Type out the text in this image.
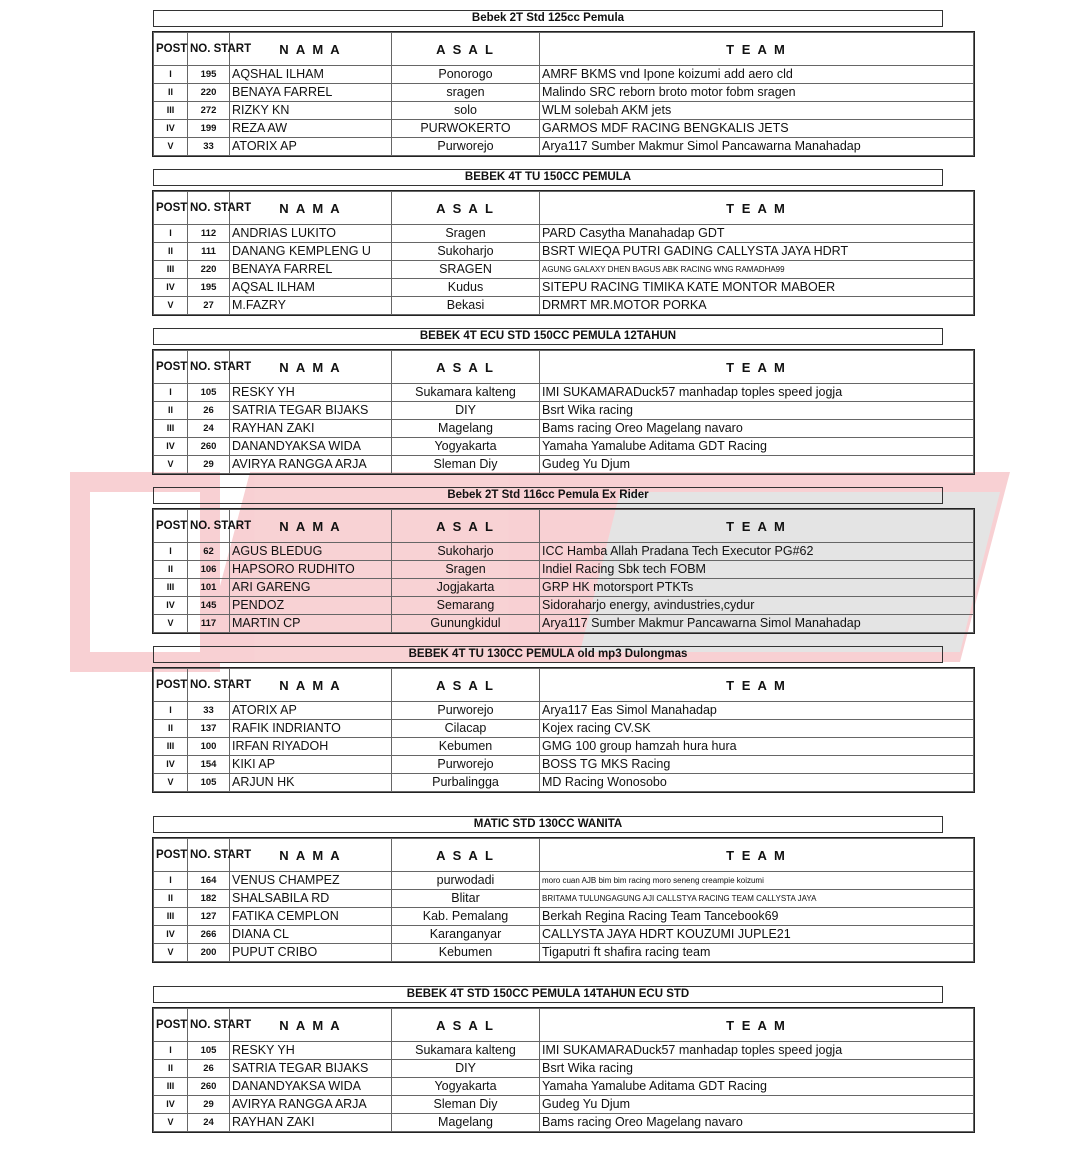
Bebek 2T Std 125cc Pemula
POST	NO. START	N A M A	A S A L	T E A M
I	195	AQSHAL ILHAM	Ponorogo	AMRF BKMS vnd Ipone koizumi add aero cld
II	220	BENAYA FARREL	sragen	Malindo SRC reborn broto motor fobm sragen
III	272	RIZKY KN	solo	WLM solebah AKM jets
IV	199	REZA AW	PURWOKERTO	GARMOS MDF RACING BENGKALIS JETS
V	33	ATORIX AP	Purworejo	Arya117 Sumber Makmur Simol Pancawarna Manahadap
BEBEK 4T TU 150CC PEMULA
POST	NO. START	N A M A	A S A L	T E A M
I	112	ANDRIAS LUKITO	Sragen	PARD Casytha Manahadap GDT
II	111	DANANG KEMPLENG U	Sukoharjo	BSRT WIEQA PUTRI GADING CALLYSTA JAYA HDRT
III	220	BENAYA FARREL	SRAGEN	AGUNG GALAXY DHEN BAGUS ABK RACING WNG RAMADHA99
IV	195	AQSAL ILHAM	Kudus	SITEPU RACING TIMIKA KATE MONTOR MABOER
V	27	M.FAZRY	Bekasi	DRMRT MR.MOTOR PORKA
BEBEK 4T ECU STD 150CC PEMULA 12TAHUN
POST	NO. START	N A M A	A S A L	T E A M
I	105	RESKY YH	Sukamara kalteng	IMI SUKAMARADuck57 manhadap toples speed jogja
II	26	SATRIA TEGAR BIJAKS	DIY	Bsrt Wika racing
III	24	RAYHAN ZAKI	Magelang	Bams racing Oreo Magelang navaro
IV	260	DANANDYAKSA WIDA	Yogyakarta	Yamaha Yamalube Aditama GDT Racing
V	29	AVIRYA RANGGA ARJA	Sleman Diy	Gudeg Yu Djum
Bebek 2T Std 116cc Pemula Ex Rider
POST	NO. START	N A M A	A S A L	T E A M
I	62	AGUS BLEDUG	Sukoharjo	ICC Hamba Allah Pradana Tech Executor PG#62
II	106	HAPSORO RUDHITO	Sragen	Indiel Racing Sbk tech FOBM
III	101	ARI GARENG	Jogjakarta	GRP HK motorsport PTKTs
IV	145	PENDOZ	Semarang	Sidoraharjo energy, avindustries,cydur
V	117	MARTIN CP	Gunungkidul	Arya117 Sumber Makmur Pancawarna Simol Manahadap
BEBEK 4T TU 130CC PEMULA old mp3 Dulongmas
POST	NO. START	N A M A	A S A L	T E A M
I	33	ATORIX AP	Purworejo	Arya117 Eas Simol Manahadap
II	137	RAFIK INDRIANTO	Cilacap	Kojex racing CV.SK
III	100	IRFAN RIYADOH	Kebumen	GMG 100 group hamzah hura hura
IV	154	KIKI AP	Purworejo	BOSS TG MKS Racing
V	105	ARJUN HK	Purbalingga	MD Racing Wonosobo
MATIC STD 130CC WANITA
POST	NO. START	N A M A	A S A L	T E A M
I	164	VENUS CHAMPEZ	purwodadi	moro cuan AJB bim bim racing moro seneng creampie koizumi
II	182	SHALSABILA RD	Blitar	BRITAMA TULUNGAGUNG AJI CALLSTYA RACING TEAM CALLYSTA JAYA
III	127	FATIKA CEMPLON	Kab. Pemalang	Berkah Regina Racing Team Tancebook69
IV	266	DIANA CL	Karanganyar	CALLYSTA JAYA HDRT KOUZUMI JUPLE21
V	200	PUPUT CRIBO	Kebumen	Tigaputri ft shafira racing team
BEBEK 4T STD 150CC PEMULA 14TAHUN ECU STD
POST	NO. START	N A M A	A S A L	T E A M
I	105	RESKY YH	Sukamara kalteng	IMI SUKAMARADuck57 manhadap toples speed jogja
II	26	SATRIA TEGAR BIJAKS	DIY	Bsrt Wika racing
III	260	DANANDYAKSA WIDA	Yogyakarta	Yamaha Yamalube Aditama GDT Racing
IV	29	AVIRYA RANGGA ARJA	Sleman Diy	Gudeg Yu Djum
V	24	RAYHAN ZAKI	Magelang	Bams racing Oreo Magelang navaro
